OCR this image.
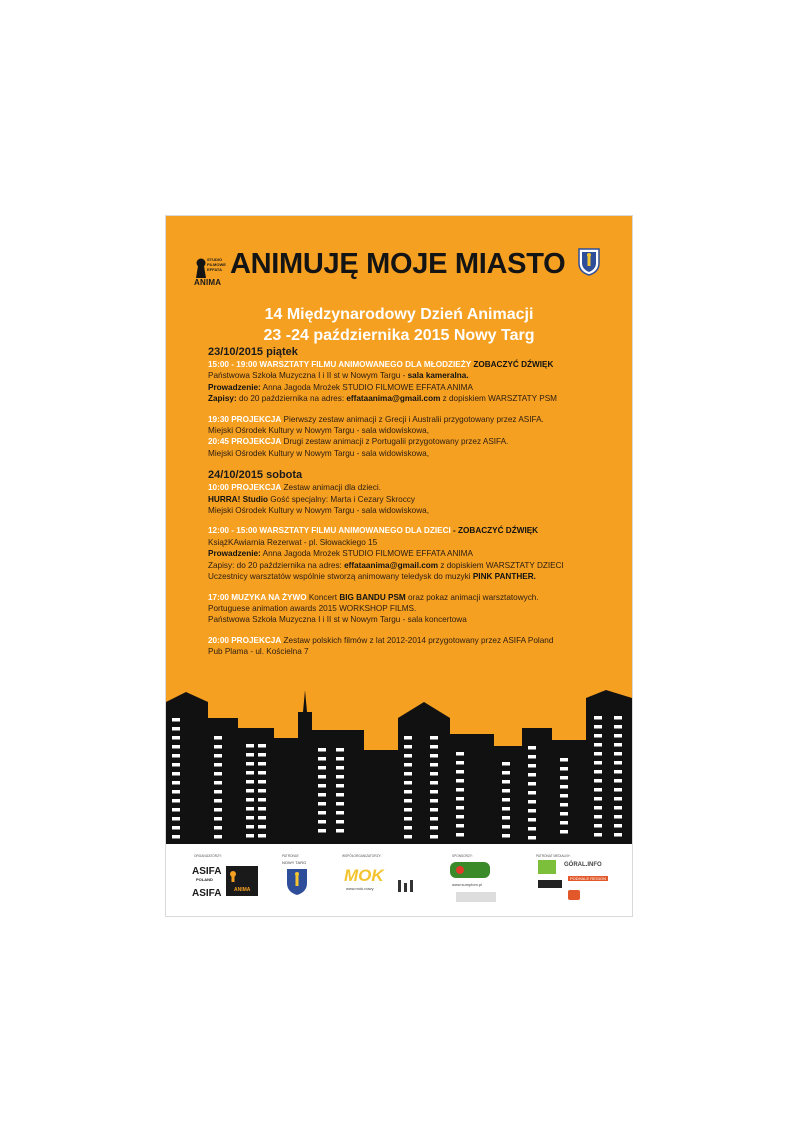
STUDIO
FILMOWE
EFFATA
ANIMA
ANIMUJĘ MOJE MIASTO
14 Międzynarodowy Dzień Animacji
23 -24 października 2015 Nowy Targ
23/10/2015 piątek
15:00 - 19:00 WARSZTATY FILMU ANIMOWANEGO DLA MŁODZIEŻY ZOBACZYĆ DŹWIĘK
Państwowa Szkoła Muzyczna I i II st w Nowym Targu - sala kameralna.
Prowadzenie: Anna Jagoda Mrożek STUDIO FILMOWE EFFATA ANIMA
Zapisy: do 20 października na adres: effataanima@gmail.com z dopiskiem WARSZTATY PSM
19:30 PROJEKCJA Pierwszy zestaw animacji z Grecji i Australii przygotowany przez ASIFA.
Miejski Ośrodek Kultury w Nowym Targu - sala widowiskowa,
20:45 PROJEKCJA Drugi zestaw animacji z Portugalii przygotowany przez ASIFA.
Miejski Ośrodek Kultury w Nowym Targu - sala widowiskowa,
24/10/2015 sobota
10:00 PROJEKCJA Zestaw animacji dla dzieci.
HURRA! Studio Gość specjalny: Marta i Cezary Skroccy
Miejski Ośrodek Kultury w Nowym Targu - sala widowiskowa,
12:00 - 15:00 WARSZTATY FILMU ANIMOWANEGO DLA DZIECI - ZOBACZYĆ DŹWIĘK
KsiążKAwiarnia Rezerwat - pl. Słowackiego 15
Prowadzenie: Anna Jagoda Mrożek STUDIO FILMOWE EFFATA ANIMA
Zapisy: do 20 października na adres: effataanima@gmail.com z dopiskiem WARSZTATY DZIECI
Uczestnicy warsztatów wspólnie stworzą animowany teledysk do muzyki PINK PANTHER.
17:00 MUZYKA NA ŻYWO Koncert BIG BANDU PSM oraz pokaz animacji warsztatowych.
Portuguese animation awards 2015 WORKSHOP FILMS.
Państwowa Szkoła Muzyczna I i II st w Nowym Targu - sala koncertowa
20:00 PROJEKCJA Zestaw polskich filmów z lat 2012-2014 przygotowany przez ASIFA Poland
Pub Plama - ul. Kościelna 7
ORGANIZATORZY:	PATRONAT:	WSPÓŁORGANIZATORZY:	SPONSORZY:	PATRONAT MEDIALNY:
ASIFA
POLAND
ASIFA	ANIMA
NOWY TARG
MOK
www.mok.nowy
www.sumplom.pl
GÓRAL.INFO
PODHALE REGION
